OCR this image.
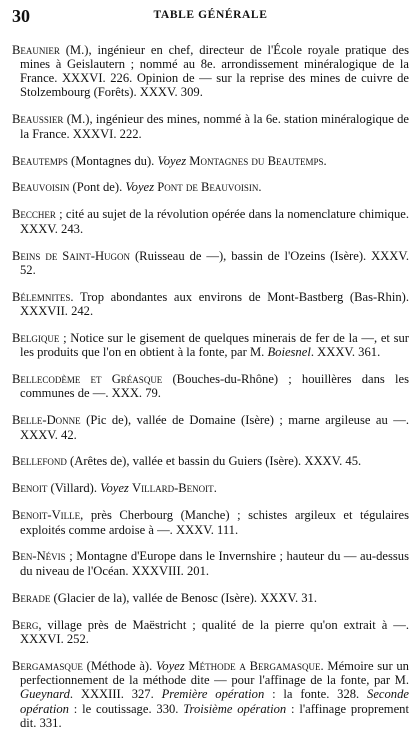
30	TABLE GÉNÉRALE

Beaunier (M.), ingénieur en chef, directeur de l'École royale pratique des mines à Geislautern ; nommé au 8e. arrondissement minéralogique de la France. XXXVI. 226. Opinion de — sur la reprise des mines de cuivre de Stolzembourg (Forêts). XXXV. 309.

Beaussier (M.), ingénieur des mines, nommé à la 6e. station minéralogique de la France. XXXVI. 222.

Beautemps (Montagnes du). Voyez Montagnes du Beautemps.

Beauvoisin (Pont de). Voyez Pont de Beauvoisin.

Beccher ; cité au sujet de la révolution opérée dans la nomenclature chimique. XXXV. 243.

Beins de Saint-Hugon (Ruisseau de —), bassin de l'Ozeins (Isère). XXXV. 52.

Bélemnites. Trop abondantes aux environs de Mont-Bastberg (Bas-Rhin). XXXVII. 242.

Belgique ; Notice sur le gisement de quelques minerais de fer de la —, et sur les produits que l'on en obtient à la fonte, par M. Boiesnel. XXXV. 361.

Bellecodème et Gréasque (Bouches-du-Rhône) ; houillères dans les communes de —. XXX. 79.

Belle-Donne (Pic de), vallée de Domaine (Isère) ; marne argileuse au —. XXXV. 42.

Bellefond (Arêtes de), vallée et bassin du Guiers (Isère). XXXV. 45.

Benoit (Villard). Voyez Villard-Benoit.

Benoit-Ville, près Cherbourg (Manche) ; schistes argileux et tégulaires exploités comme ardoise à —. XXXV. 111.

Ben-Névis ; Montagne d'Europe dans le Invernshire ; hauteur du — au-dessus du niveau de l'Océan. XXXVIII. 201.

Berade (Glacier de la), vallée de Benosc (Isère). XXXV. 31.

Berg, village près de Maëstricht ; qualité de la pierre qu'on extrait à —. XXXVI. 252.

Bergamasque (Méthode à). Voyez Méthode a Bergamasque. Mémoire sur un perfectionnement de la méthode dite — pour l'affinage de la fonte, par M. Gueynard. XXXIII. 327. Première opération : la fonte. 328. Seconde opération : le coutissage. 330. Troisième opération : l'affinage proprement dit. 331.
